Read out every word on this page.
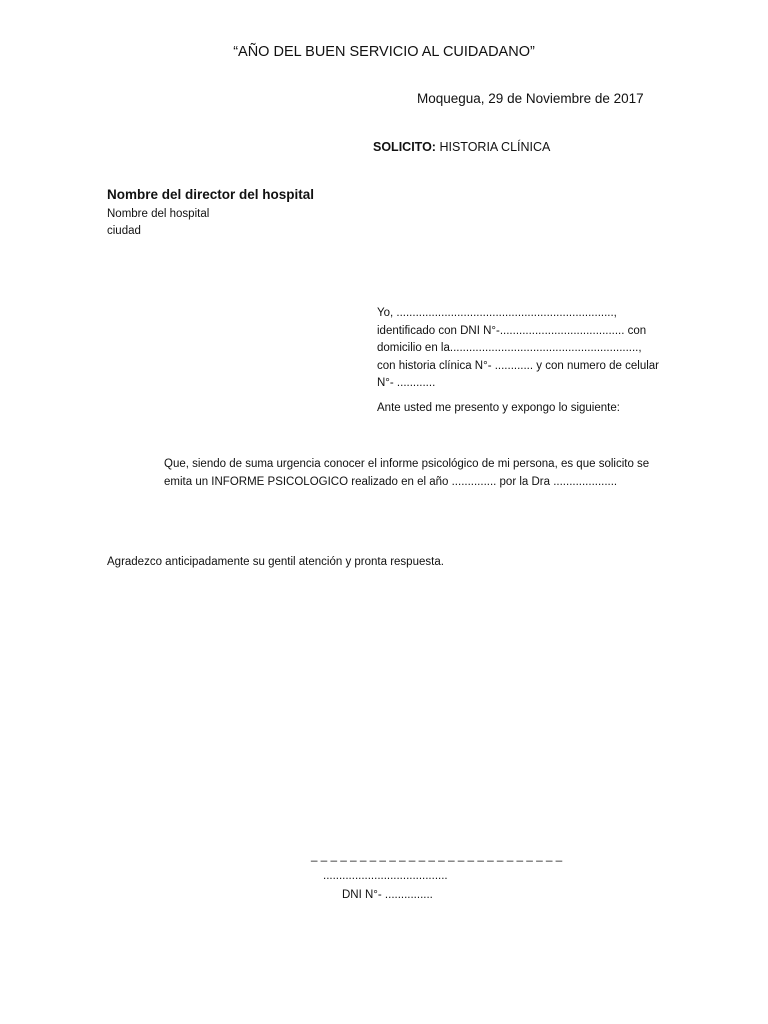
“AÑO DEL BUEN SERVICIO AL CUIDADANO”
Moquegua, 29 de Noviembre de 2017
SOLICITO: HISTORIA CLÍNICA
Nombre del director del hospital
Nombre del hospital
ciudad
Yo, ....................................................................,
identificado con DNI N°-....................................... con
domicilio en la...........................................................,
con historia clínica N°- ............ y con numero de celular
N°- ............
Ante usted me presento y expongo lo siguiente:
Que, siendo de suma urgencia conocer el informe psicológico de mi persona, es que solicito se
emita un INFORME PSICOLOGICO realizado en el año .............. por la Dra ....................
Agradezco anticipadamente su gentil atención y pronta respuesta.
_ _ _ _ _ _ _ _ _ _ _ _ _ _ _ _ _ _ _ _ _ _ _ _ _ _
.......................................
DNI N°- ...............
